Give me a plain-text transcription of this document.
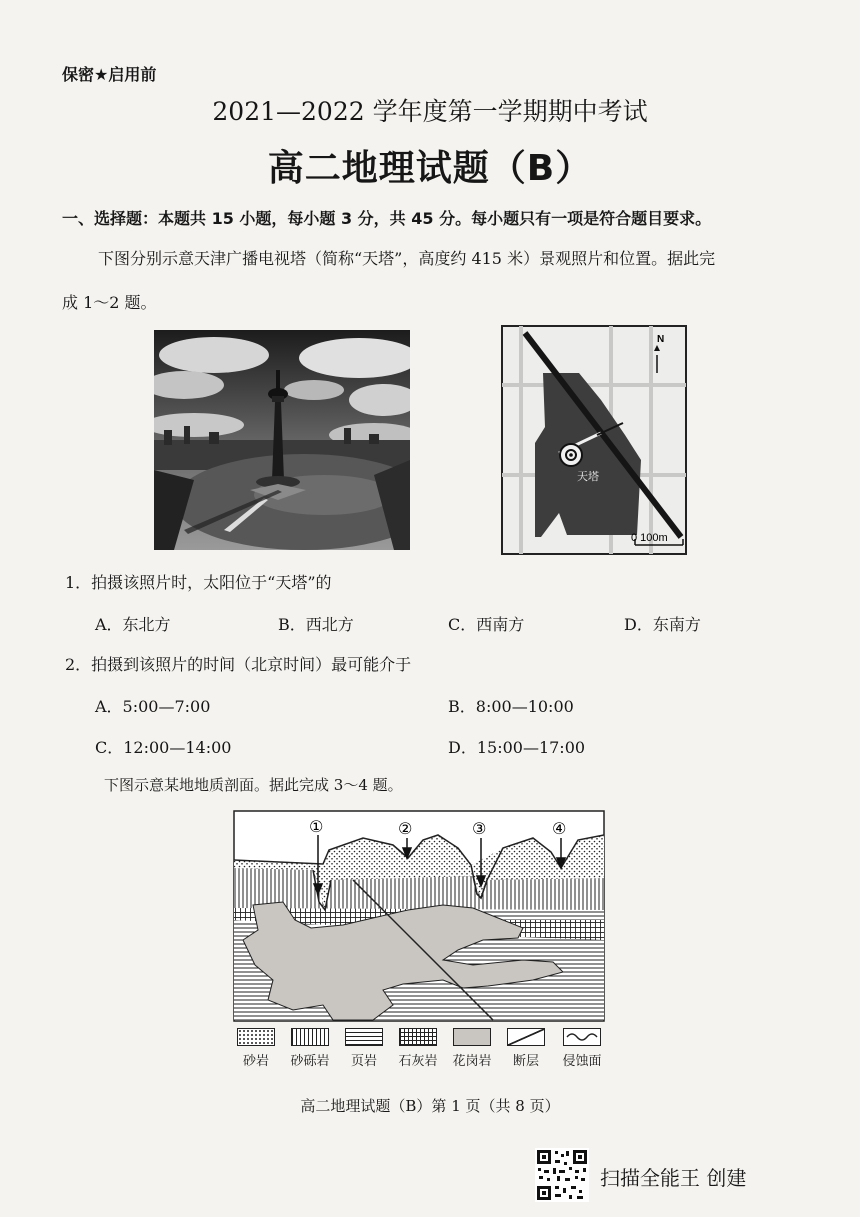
保密★启用前
2021—2022 学年度第一学期期中考试
高二地理试题（B）
一、选择题：本题共 15 小题，每小题 3 分，共 45 分。每小题只有一项是符合题目要求。
下图分别示意天津广播电视塔（简称“天塔”，高度约 415 米）景观照片和位置。据此完
成 1～2 题。
N
天塔
0 100m
1．拍摄该照片时，太阳位于“天塔”的
A．东北方	B．西北方	C．西南方	D．东南方
2．拍摄到该照片的时间（北京时间）最可能介于
A．5:00—7:00	B．8:00—10:00
C．12:00—14:00	D．15:00—17:00
下图示意某地地质剖面。据此完成 3～4 题。
①	②	③	④
砂岩	砂砾岩	页岩	石灰岩 花岗岩	断层	侵蚀面
高二地理试题（B）第 1 页（共 8 页）
扫描全能王 创建
